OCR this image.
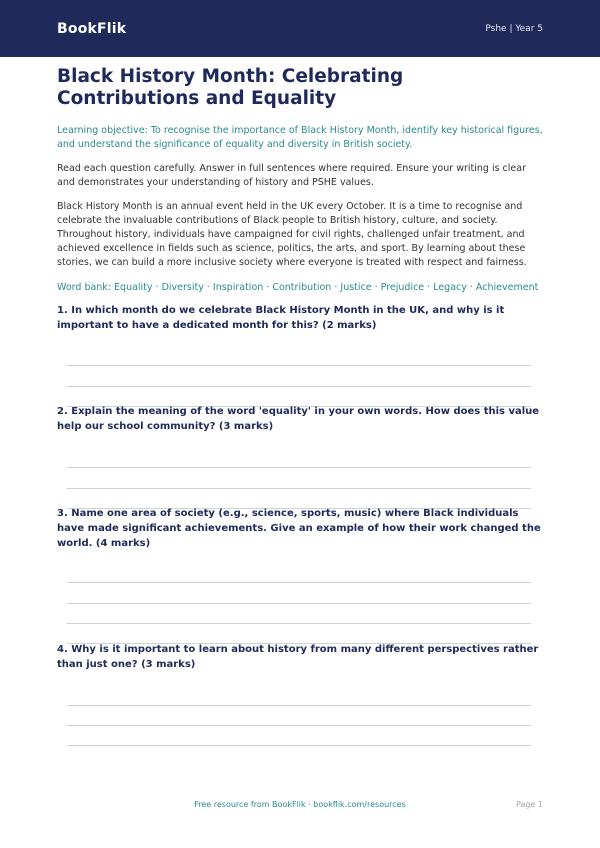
BookFlik	Pshe | Year 5
Black History Month: Celebrating Contributions and Equality
Learning objective: To recognise the importance of Black History Month, identify key historical figures, and understand the significance of equality and diversity in British society.
Read each question carefully. Answer in full sentences where required. Ensure your writing is clear and demonstrates your understanding of history and PSHE values.
Black History Month is an annual event held in the UK every October. It is a time to recognise and celebrate the invaluable contributions of Black people to British history, culture, and society. Throughout history, individuals have campaigned for civil rights, challenged unfair treatment, and achieved excellence in fields such as science, politics, the arts, and sport. By learning about these stories, we can build a more inclusive society where everyone is treated with respect and fairness.
Word bank: Equality · Diversity · Inspiration · Contribution · Justice · Prejudice · Legacy · Achievement
1. In which month do we celebrate Black History Month in the UK, and why is it important to have a dedicated month for this? (2 marks)
2. Explain the meaning of the word 'equality' in your own words. How does this value help our school community? (3 marks)
3. Name one area of society (e.g., science, sports, music) where Black individuals have made significant achievements. Give an example of how their work changed the world. (4 marks)
4. Why is it important to learn about history from many different perspectives rather than just one? (3 marks)
Free resource from BookFlik · bookflik.com/resources	Page 1
